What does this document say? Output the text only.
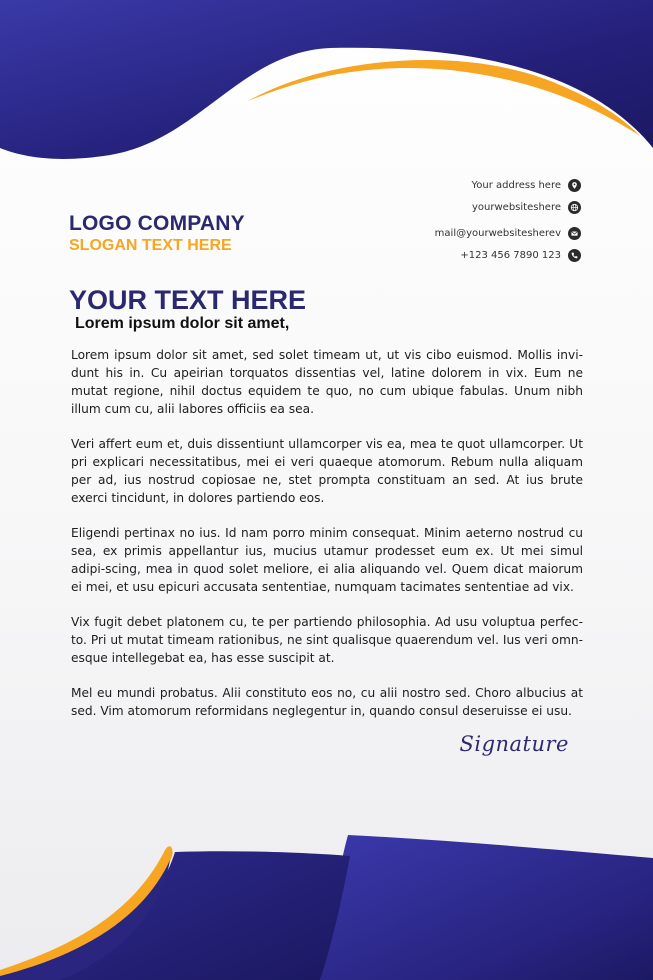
LOGO COMPANY
SLOGAN TEXT HERE
Your address here
yourwebsiteshere
mail@yourwebsiteshere​v
+123 456 7890 123
YOUR TEXT HERE
Lorem ipsum dolor sit amet,

Lorem ipsum dolor sit amet, sed solet timeam ut, ut vis cibo euismod. Mollis invi-dunt his in. Cu apeirian torquatos dissentias vel, latine dolorem in vix. Eum ne mutat regione, nihil doctus equidem te quo, no cum ubique fabulas. Unum nibh illum cum cu, alii labores officiis ea sea.

Veri affert eum et, duis dissentiunt ullamcorper vis ea, mea te quot ullamcorper. Ut pri explicari necessitatibus, mei ei veri quaeque atomorum. Rebum nulla aliquam per ad, ius nostrud copiosae ne, stet prompta constituam an sed. At ius brute exerci tincidunt, in dolores partiendo eos.

Eligendi pertinax no ius. Id nam porro minim consequat. Minim aeterno nostrud cu sea, ex primis appellantur ius, mucius utamur prodesset eum ex. Ut mei simul adipi-scing, mea in quod solet meliore, ei alia aliquando vel. Quem dicat maiorum ei mei, et usu epicuri accusata sententiae, numquam tacimates sententiae ad vix.

Vix fugit debet platonem cu, te per partiendo philosophia. Ad usu voluptua perfec-to. Pri ut mutat timeam rationibus, ne sint qualisque quaerendum vel. Ius veri omn-esque intellegebat ea, has esse suscipit at.

Mel eu mundi probatus. Alii constituto eos no, cu alii nostro sed. Choro albucius at sed. Vim atomorum reformidans neglegentur in, quando consul deseruisse ei usu.

Signature
